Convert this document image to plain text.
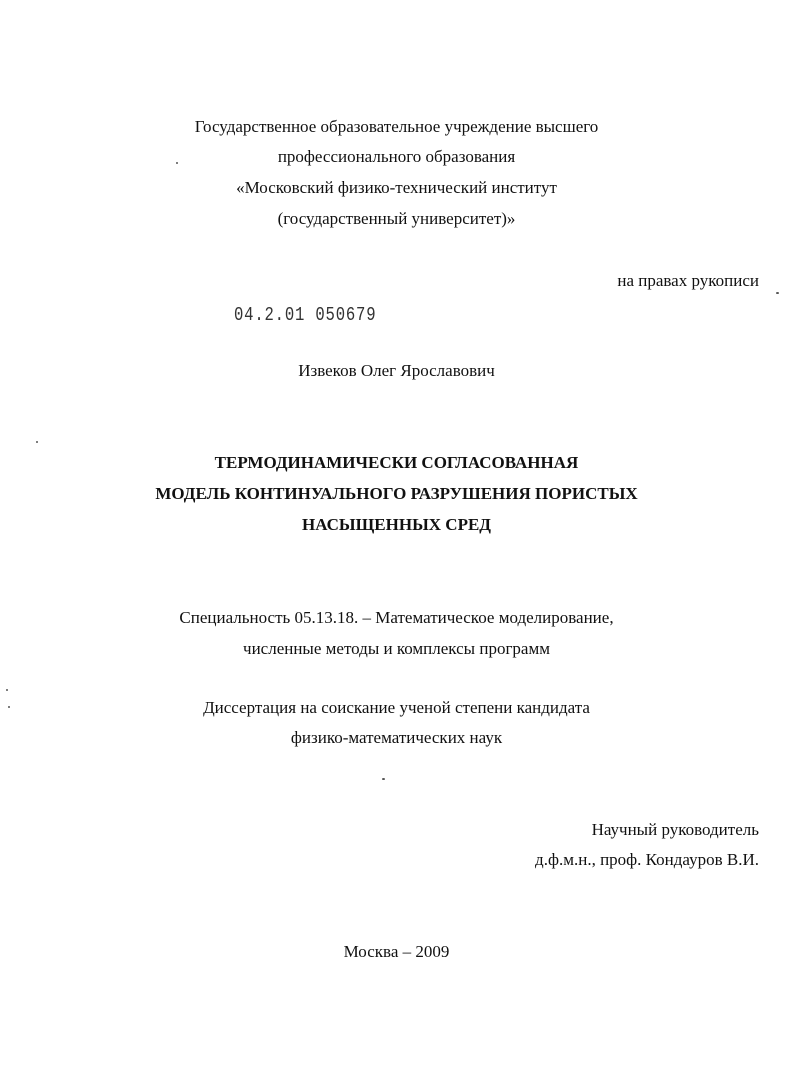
Государственное образовательное учреждение высшего
профессионального образования
«Московский физико-технический институт
(государственный университет)»
на правах рукописи
04.2.01 050679
Извеков Олег Ярославович
ТЕРМОДИНАМИЧЕСКИ СОГЛАСОВАННАЯ
МОДЕЛЬ КОНТИНУАЛЬНОГО РАЗРУШЕНИЯ ПОРИСТЫХ
НАСЫЩЕННЫХ СРЕД
Специальность 05.13.18. – Математическое моделирование,
численные методы и комплексы программ
Диссертация на соискание ученой степени кандидата
физико-математических наук
Научный руководитель
д.ф.м.н., проф. Кондауров В.И.
Москва – 2009
